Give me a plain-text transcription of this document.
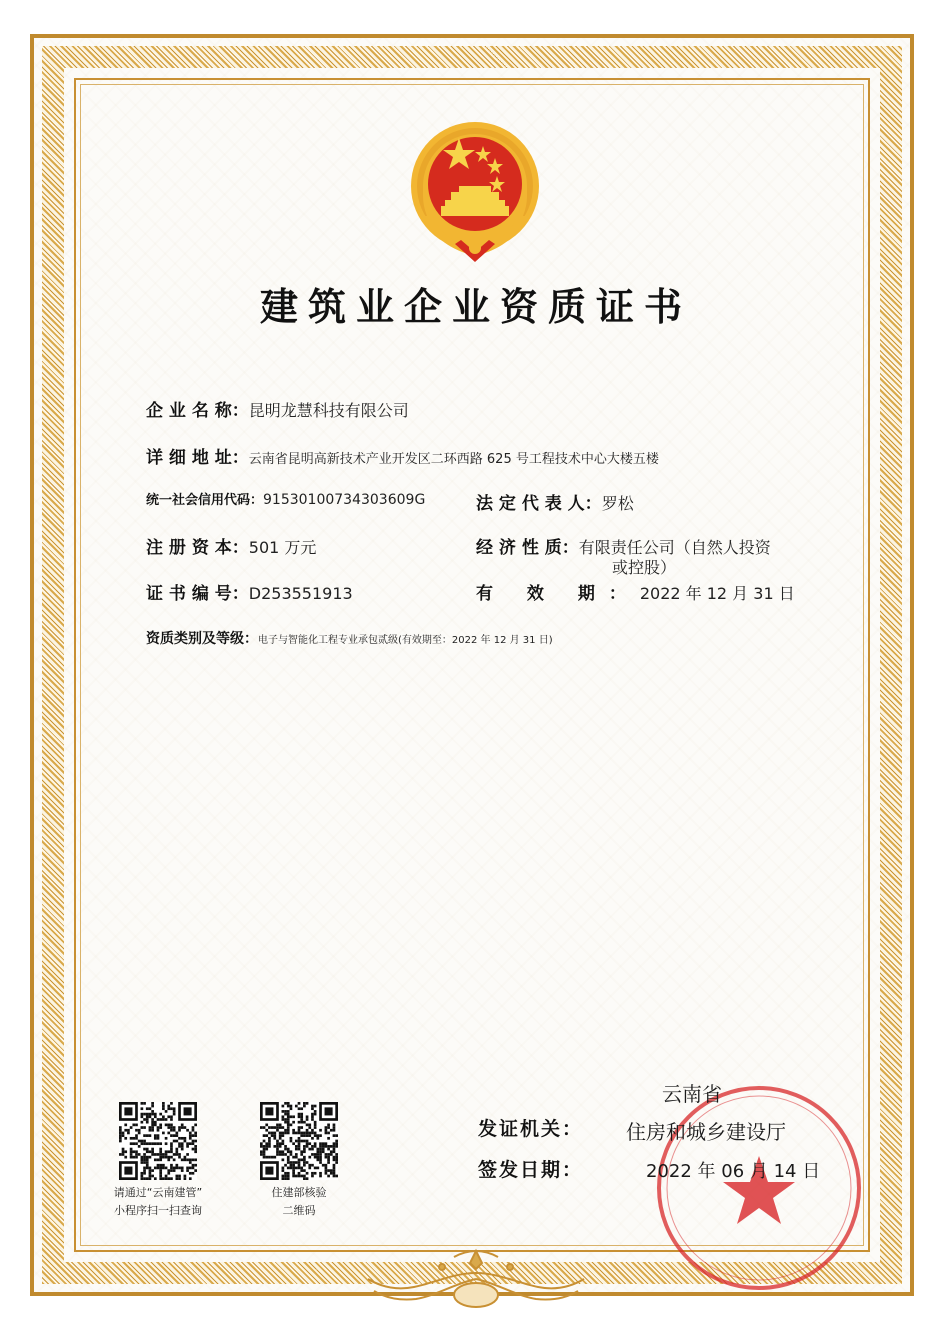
建筑业企业资质证书
企 业 名 称：昆明龙慧科技有限公司
详 细 地 址：云南省昆明高新技术产业开发区二环西路 625 号工程技术中心大楼五楼
统一社会信用代码：91530100734303609G	法 定 代 表 人：罗松
注 册 资 本：501 万元	经 济 性 质：有限责任公司（自然人投资
或控股）
证 书 编 号：D253551913	有 效 期：2022 年 12 月 31 日
资质类别及等级：电子与智能化工程专业承包贰级(有效期至：2022 年 12 月 31 日)
请通过“云南建管”
小程序扫一扫查询
住建部核验
二维码
云南省
发证机关： 住房和城乡建设厅
签发日期：	2022 年 06 月 14 日
